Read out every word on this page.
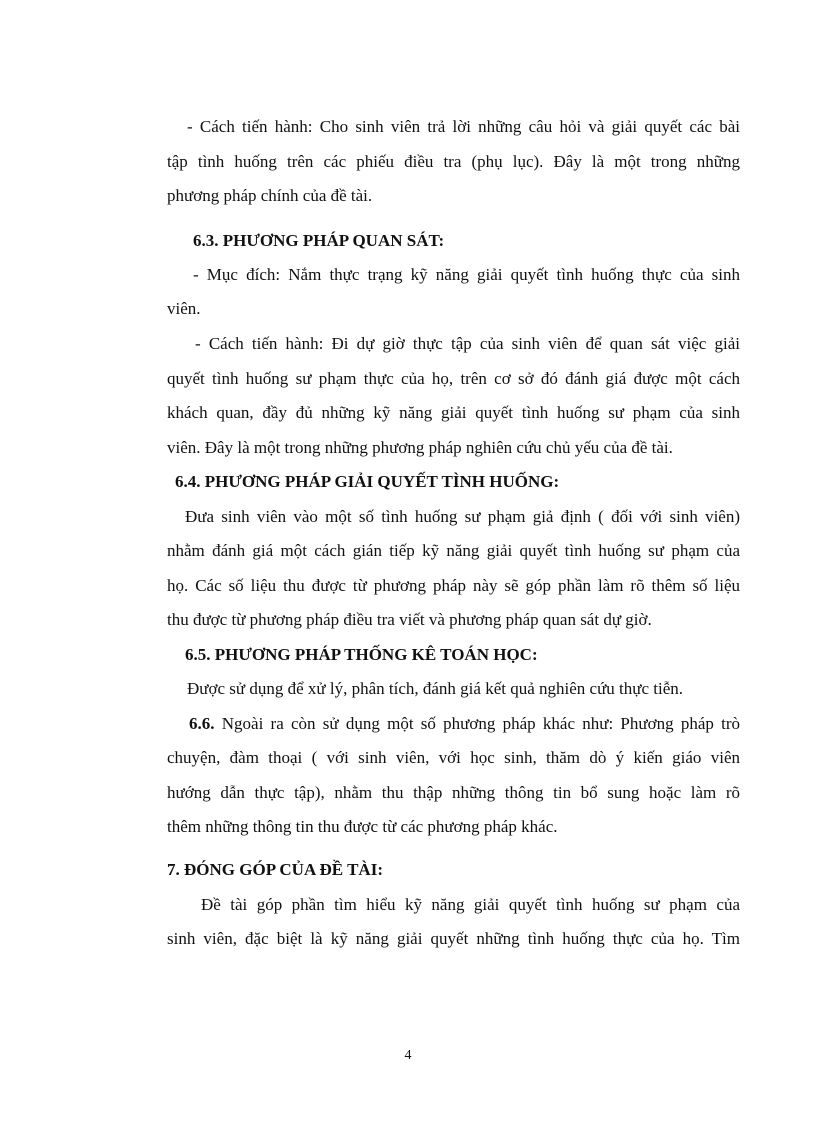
- Cách tiến hành: Cho sinh viên trả lời những câu hỏi và giải quyết các bài
tập tình huống trên các phiếu điều tra (phụ lục). Đây là một trong những
phương pháp chính của đề tài.
6.3. PHƯƠNG PHÁP QUAN SÁT:
- Mục đích: Nắm thực trạng kỹ năng giải quyết tình huống thực của sinh
viên.
- Cách tiến hành: Đi dự giờ thực tập của sinh viên để quan sát việc giải
quyết tình huống sư phạm thực của họ, trên cơ sở đó đánh giá được một cách
khách quan, đầy đủ những kỹ năng giải quyết tình huống sư phạm của sinh
viên. Đây là một trong những phương pháp nghiên cứu chủ yếu của đề tài.
6.4. PHƯƠNG PHÁP GIẢI QUYẾT TÌNH HUỐNG:
Đưa sinh viên vào một số tình huống sư phạm giả định ( đối với sinh viên)
nhằm đánh giá một cách gián tiếp kỹ năng giải quyết tình huống sư phạm của
họ. Các số liệu thu được từ phương pháp này sẽ góp phần làm rõ thêm số liệu
thu được từ phương pháp điều tra viết và phương pháp quan sát dự giờ.
6.5. PHƯƠNG PHÁP THỐNG KÊ TOÁN HỌC:
Được sử dụng để xử lý, phân tích, đánh giá kết quả nghiên cứu thực tiễn.
6.6. Ngoài ra còn sử dụng một số phương pháp khác như: Phương pháp trò
chuyện, đàm thoại ( với sinh viên, với học sinh, thăm dò ý kiến giáo viên
hướng dẫn thực tập), nhằm thu thập những thông tin bổ sung hoặc làm rõ
thêm những thông tin thu được từ các phương pháp khác.
7. ĐÓNG GÓP CỦA ĐỀ TÀI:
Đề tài góp phần tìm hiểu kỹ năng giải quyết tình huống sư phạm của
sinh viên, đặc biệt là kỹ năng giải quyết những tình huống thực của họ. Tìm
4
